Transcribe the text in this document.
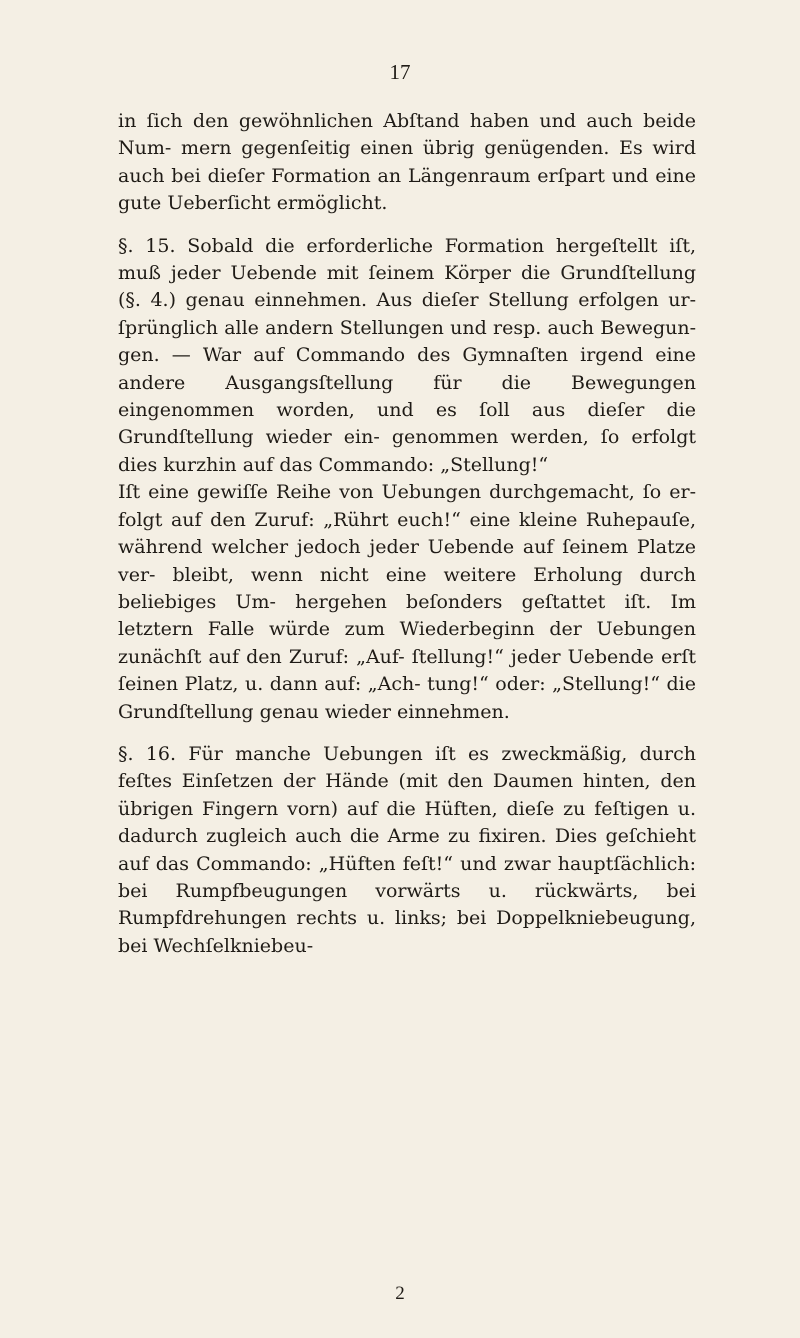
17

in ſich den gewöhnlichen Abſtand haben und auch beide Num- mern gegenſeitig einen übrig genügenden. Es wird auch bei dieſer Formation an Längenraum erſpart und eine gute Ueberſicht ermöglicht.

§. 15. Sobald die erforderliche Formation hergeſtellt iſt, muß jeder Uebende mit ſeinem Körper die Grundſtellung (§. 4.) genau einnehmen. Aus dieſer Stellung erfolgen ur- ſprünglich alle andern Stellungen und resp. auch Bewegun- gen. — War auf Commando des Gymnaſten irgend eine andere Ausgangsſtellung für die Bewegungen eingenommen worden, und es ſoll aus dieſer die Grundſtellung wieder ein- genommen werden, ſo erfolgt dies kurzhin auf das Commando: „Stellung!“

Iſt eine gewiſſe Reihe von Uebungen durchgemacht, ſo er- folgt auf den Zuruf: „Rührt euch!“ eine kleine Ruhepauſe, während welcher jedoch jeder Uebende auf ſeinem Platze ver- bleibt, wenn nicht eine weitere Erholung durch beliebiges Um- hergehen beſonders geſtattet iſt. Im letztern Falle würde zum Wiederbeginn der Uebungen zunächſt auf den Zuruf: „Auf- ſtellung!“ jeder Uebende erſt ſeinen Platz, u. dann auf: „Ach- tung!“ oder: „Stellung!“ die Grundſtellung genau wieder einnehmen.

§. 16. Für manche Uebungen iſt es zweckmäßig, durch feſtes Einſetzen der Hände (mit den Daumen hinten, den übrigen Fingern vorn) auf die Hüften, dieſe zu feſtigen u. dadurch zugleich auch die Arme zu fixiren. Dies geſchieht auf das Commando: „Hüften feſt!“ und zwar hauptſächlich: bei Rumpfbeugungen vorwärts u. rückwärts, bei Rumpfdrehungen rechts u. links; bei Doppelkniebeugung, bei Wechſelkniebeu-

2
